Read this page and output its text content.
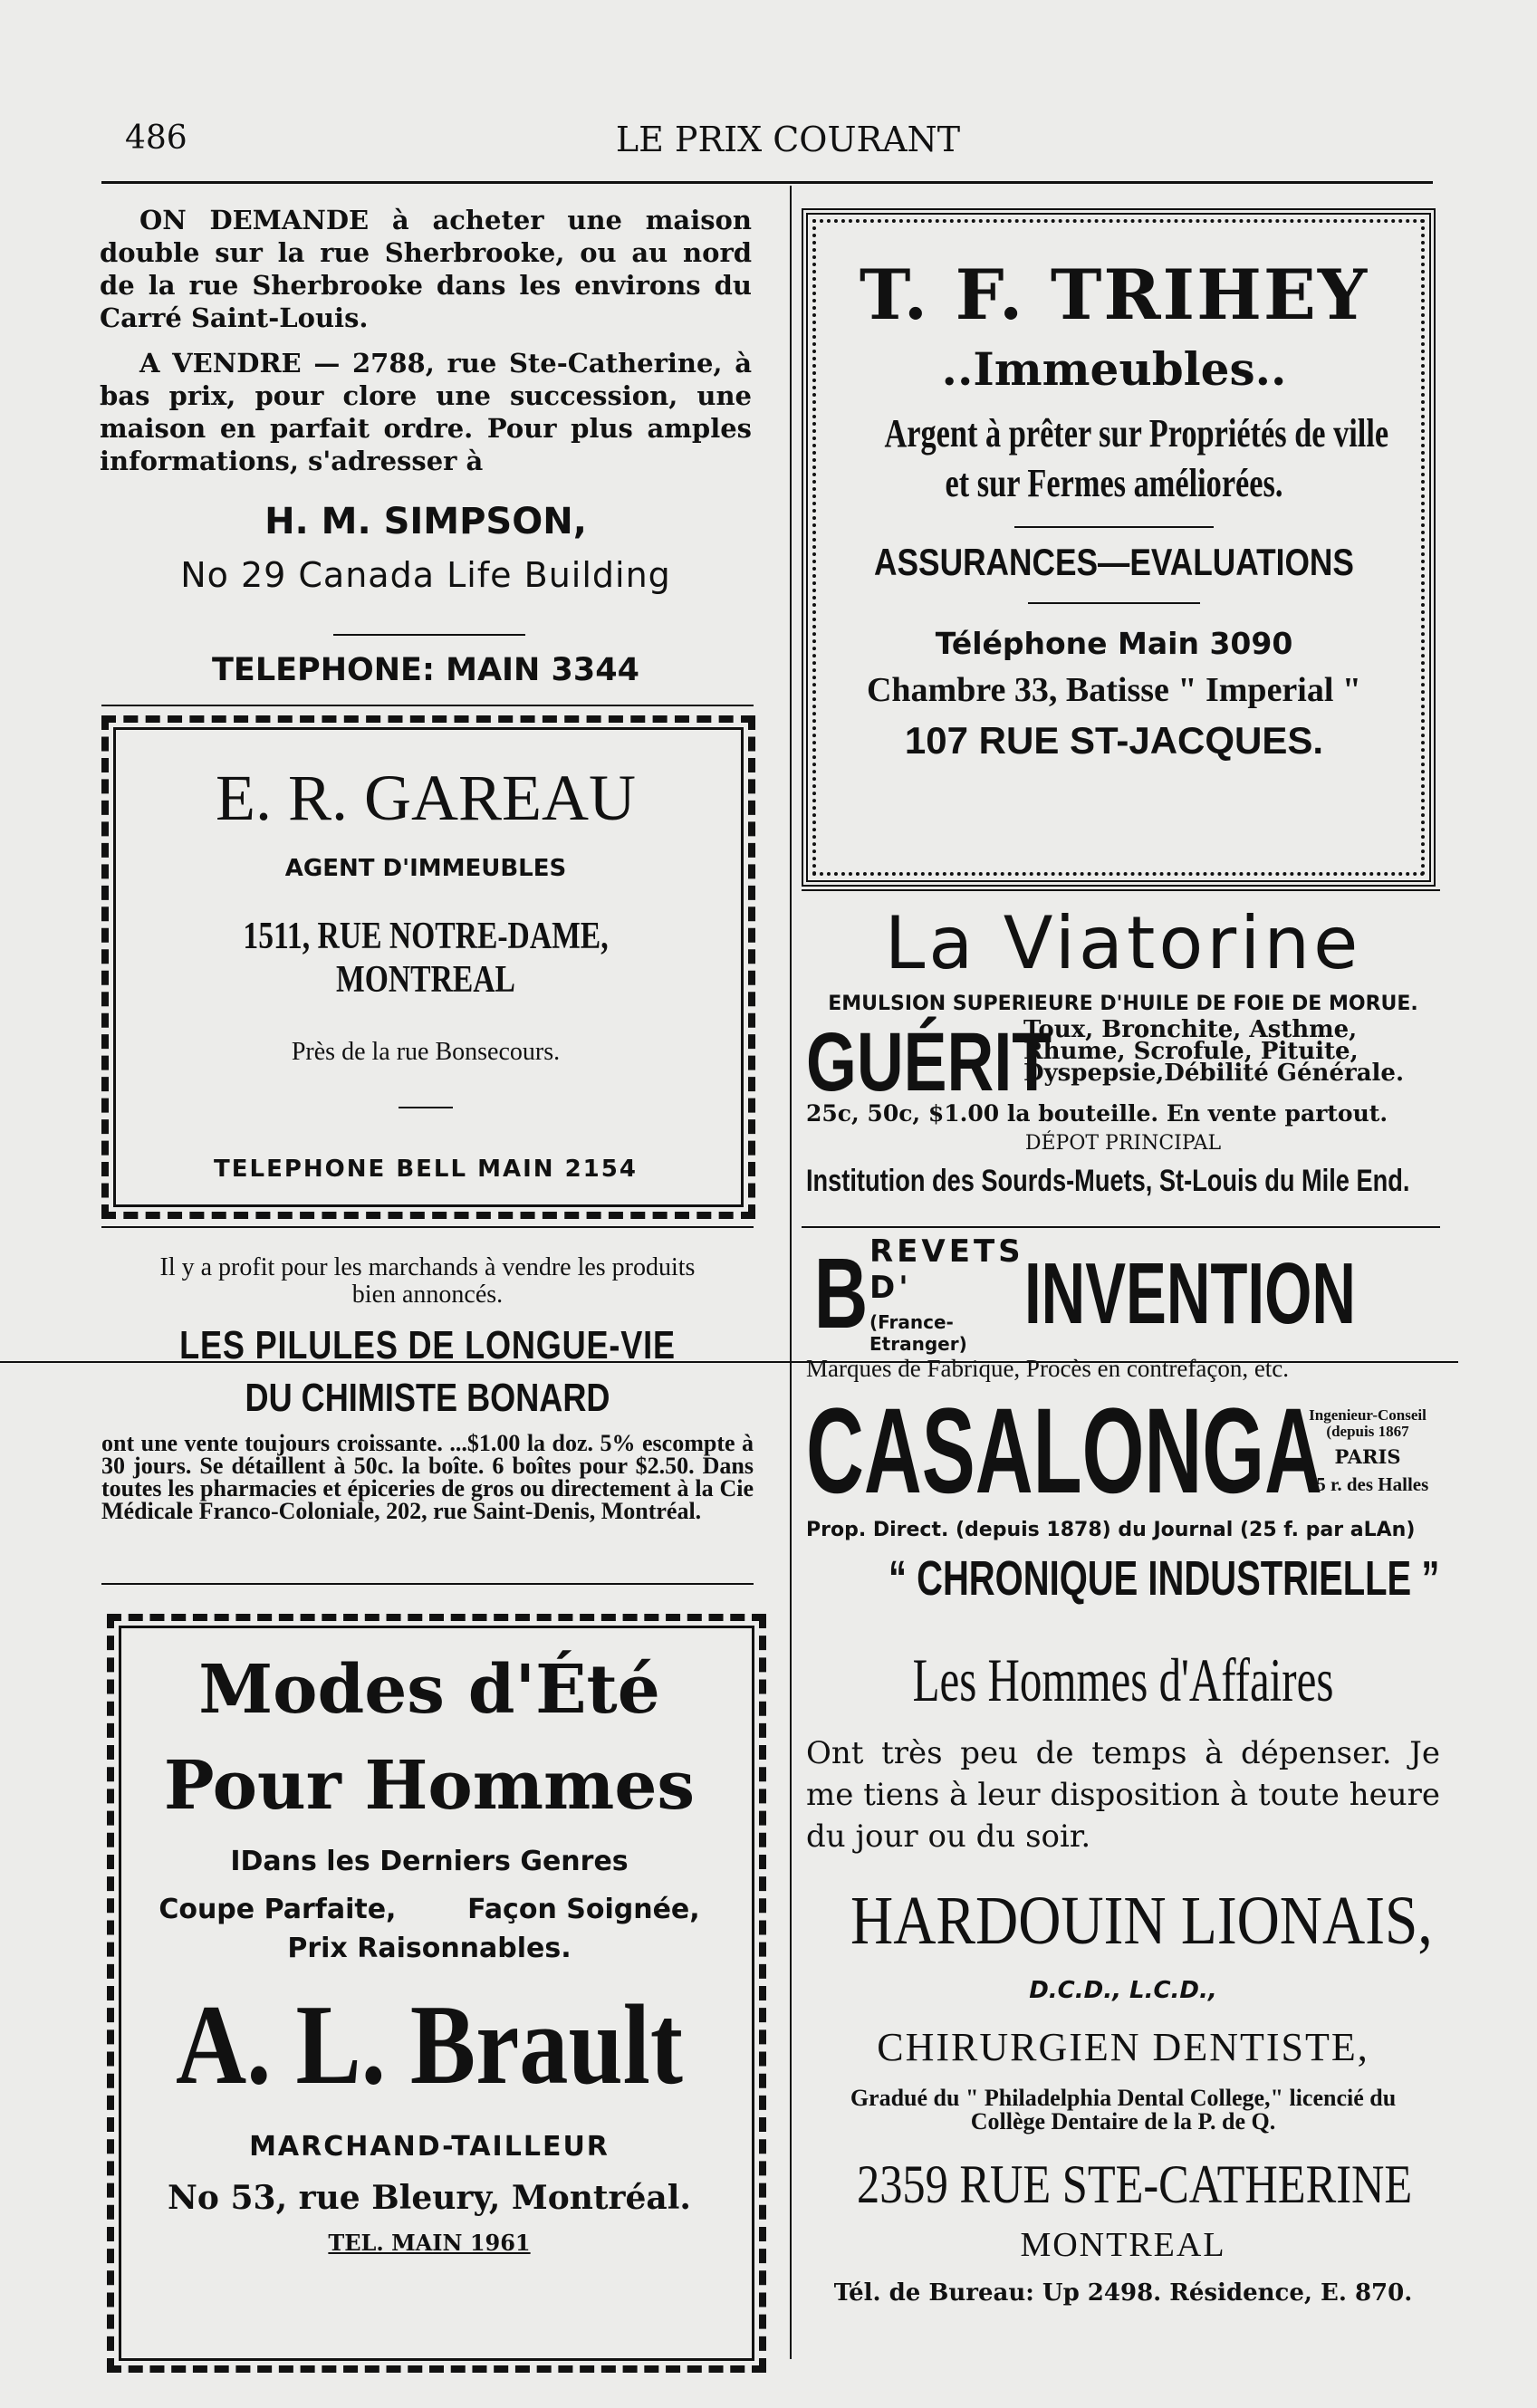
486	LE PRIX COURANT
ON DEMANDE à acheter une maison double sur la rue Sherbrooke, ou au nord de la rue Sherbrooke dans les environs du Carré Saint-Louis.
A VENDRE — 2788, rue Ste-Catherine, à bas prix, pour clore une succession, une maison en parfait ordre. Pour plus amples informations, s'adresser à
H. M. SIMPSON,
No 29 Canada Life Building
TELEPHONE: MAIN 3344
E. R. GAREAU
AGENT D'IMMEUBLES
1511, RUE NOTRE-DAME, MONTREAL
Près de la rue Bonsecours.
TELEPHONE BELL MAIN 2154
Il y a profit pour les marchands à vendre les produits bien annoncés.
LES PILULES DE LONGUE-VIE
DU CHIMISTE BONARD
ont une vente toujours croissante. ...$1.00 la doz. 5% escompte à 30 jours. Se détaillent à 50c. la boîte. 6 boîtes pour $2.50. Dans toutes les pharmacies et épiceries de gros ou directement à la Cie Médicale Franco-Coloniale, 202, rue Saint-Denis, Montréal.
Modes d'Été
Pour Hommes
IDans les Derniers Genres
Coupe Parfaite,	Façon Soignée,
Prix Raisonnables.
A. L. Brault
MARCHAND-TAILLEUR
No 53, rue Bleury, Montréal.
TEL. MAIN 1961
T. F. TRIHEY
..Immeubles..
Argent à prêter sur Propriétés de ville
et sur Fermes améliorées.
ASSURANCES—EVALUATIONS
Téléphone Main 3090
Chambre 33, Batisse " Imperial "
107 RUE ST-JACQUES.
La Viatorine
EMULSION SUPERIEURE D'HUILE DE FOIE DE MORUE.
GUÉRIT
Toux, Bronchite, Asthme,
Rhume, Scrofule, Pituite,
Dyspepsie,Débilité Générale.
25c, 50c, $1.00 la bouteille. En vente partout.
DÉPOT PRINCIPAL
Institution des Sourds-Muets, St-Louis du Mile End.
B REVETS D'
(France-Etranger)
INVENTION
Marques de Fabrique, Procès en contrefaçon, etc.
CASALONGA
Ingenieur-Conseil (depuis 1867
PARIS
15 r. des Halles
Prop. Direct. (depuis 1878) du Journal (25 f. par aLAn)
“ CHRONIQUE INDUSTRIELLE ”
Les Hommes d'Affaires
Ont très peu de temps à dépenser. Je me tiens à leur disposition à toute heure du jour ou du soir.
HARDOUIN LIONAIS,
D.C.D., L.C.D.,
CHIRURGIEN DENTISTE,
Gradué du " Philadelphia Dental College," licencié du Collège Dentaire de la P. de Q.
2359 RUE STE-CATHERINE
MONTREAL
Tél. de Bureau: Up 2498. Résidence, E. 870.
